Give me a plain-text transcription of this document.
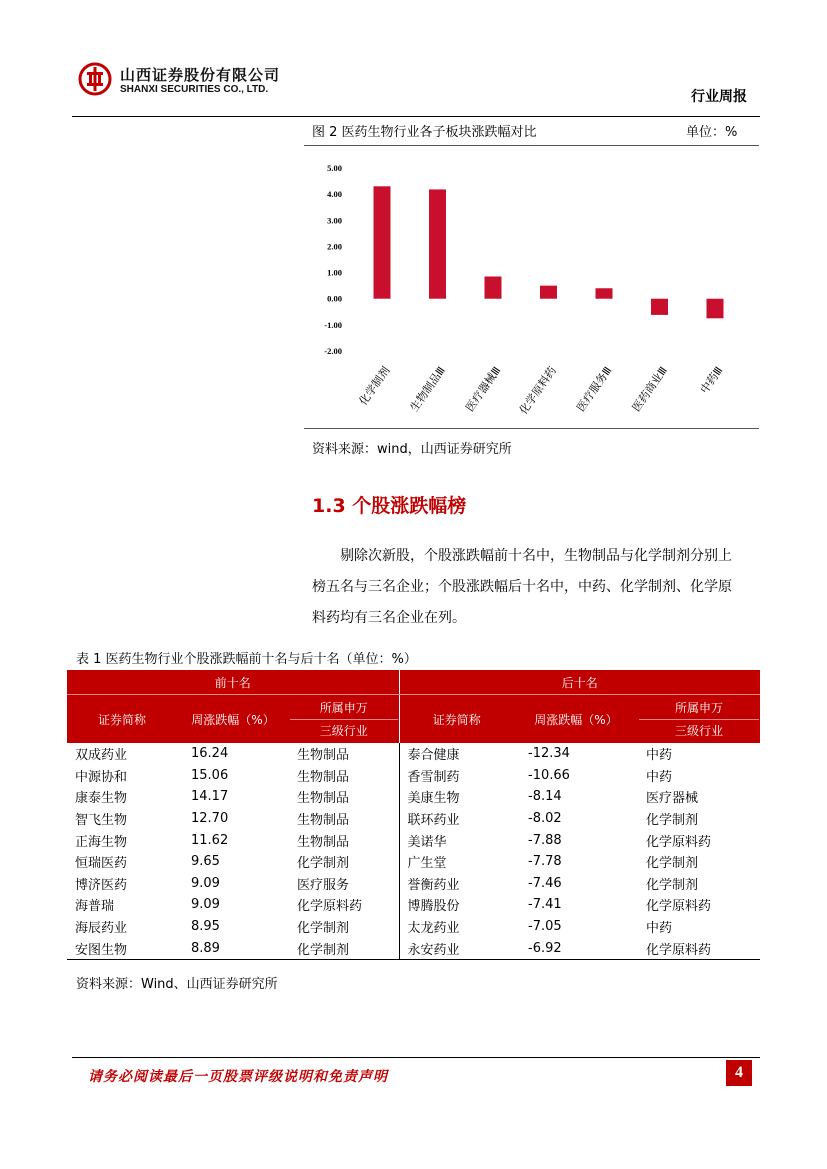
山西证券股份有限公司
SHANXI SECURITIES CO., LTD.	行业周报
图 2 医药生物行业各子板块涨跌幅对比	单位：%
5.00
4.00
3.00
2.00
1.00
0.00
-1.00
-2.00
化学制剂 生物制品Ⅲ 医疗器械Ⅲ 化学原料药 医疗服务Ⅲ 医药商业Ⅲ	中药Ⅲ
资料来源：wind，山西证券研究所
1.3 个股涨跌幅榜
剔除次新股，个股涨跌幅前十名中，生物制品与化学制剂分别上
榜五名与三名企业；个股涨跌幅后十名中，中药、化学制剂、化学原
料药均有三名企业在列。
表 1 医药生物行业个股涨跌幅前十名与后十名（单位：%）
前十名			后十名		
证券简称	周涨跌幅（%）	所属申万
三级行业	证券简称	周涨跌幅（%）	所属申万
三级行业

双成药业	16.24	生物制品	泰合健康	-12.34	中药
中源协和	15.06	生物制品	香雪制药	-10.66	中药
康泰生物	14.17	生物制品	美康生物	-8.14	医疗器械
智飞生物	12.70	生物制品	联环药业	-8.02	化学制剂
正海生物	11.62	生物制品	美诺华	-7.88	化学原料药
恒瑞医药	9.65	化学制剂	广生堂	-7.78	化学制剂
博济医药	9.09	医疗服务	誉衡药业	-7.46	化学制剂
海普瑞	9.09	化学原料药	博腾股份	-7.41	化学原料药
海辰药业	8.95	化学制剂	太龙药业	-7.05	中药
安图生物	8.89	化学制剂	永安药业	-6.92	化学原料药
资料来源：Wind、山西证券研究所
请务必阅读最后一页股票评级说明和免责声明	4
